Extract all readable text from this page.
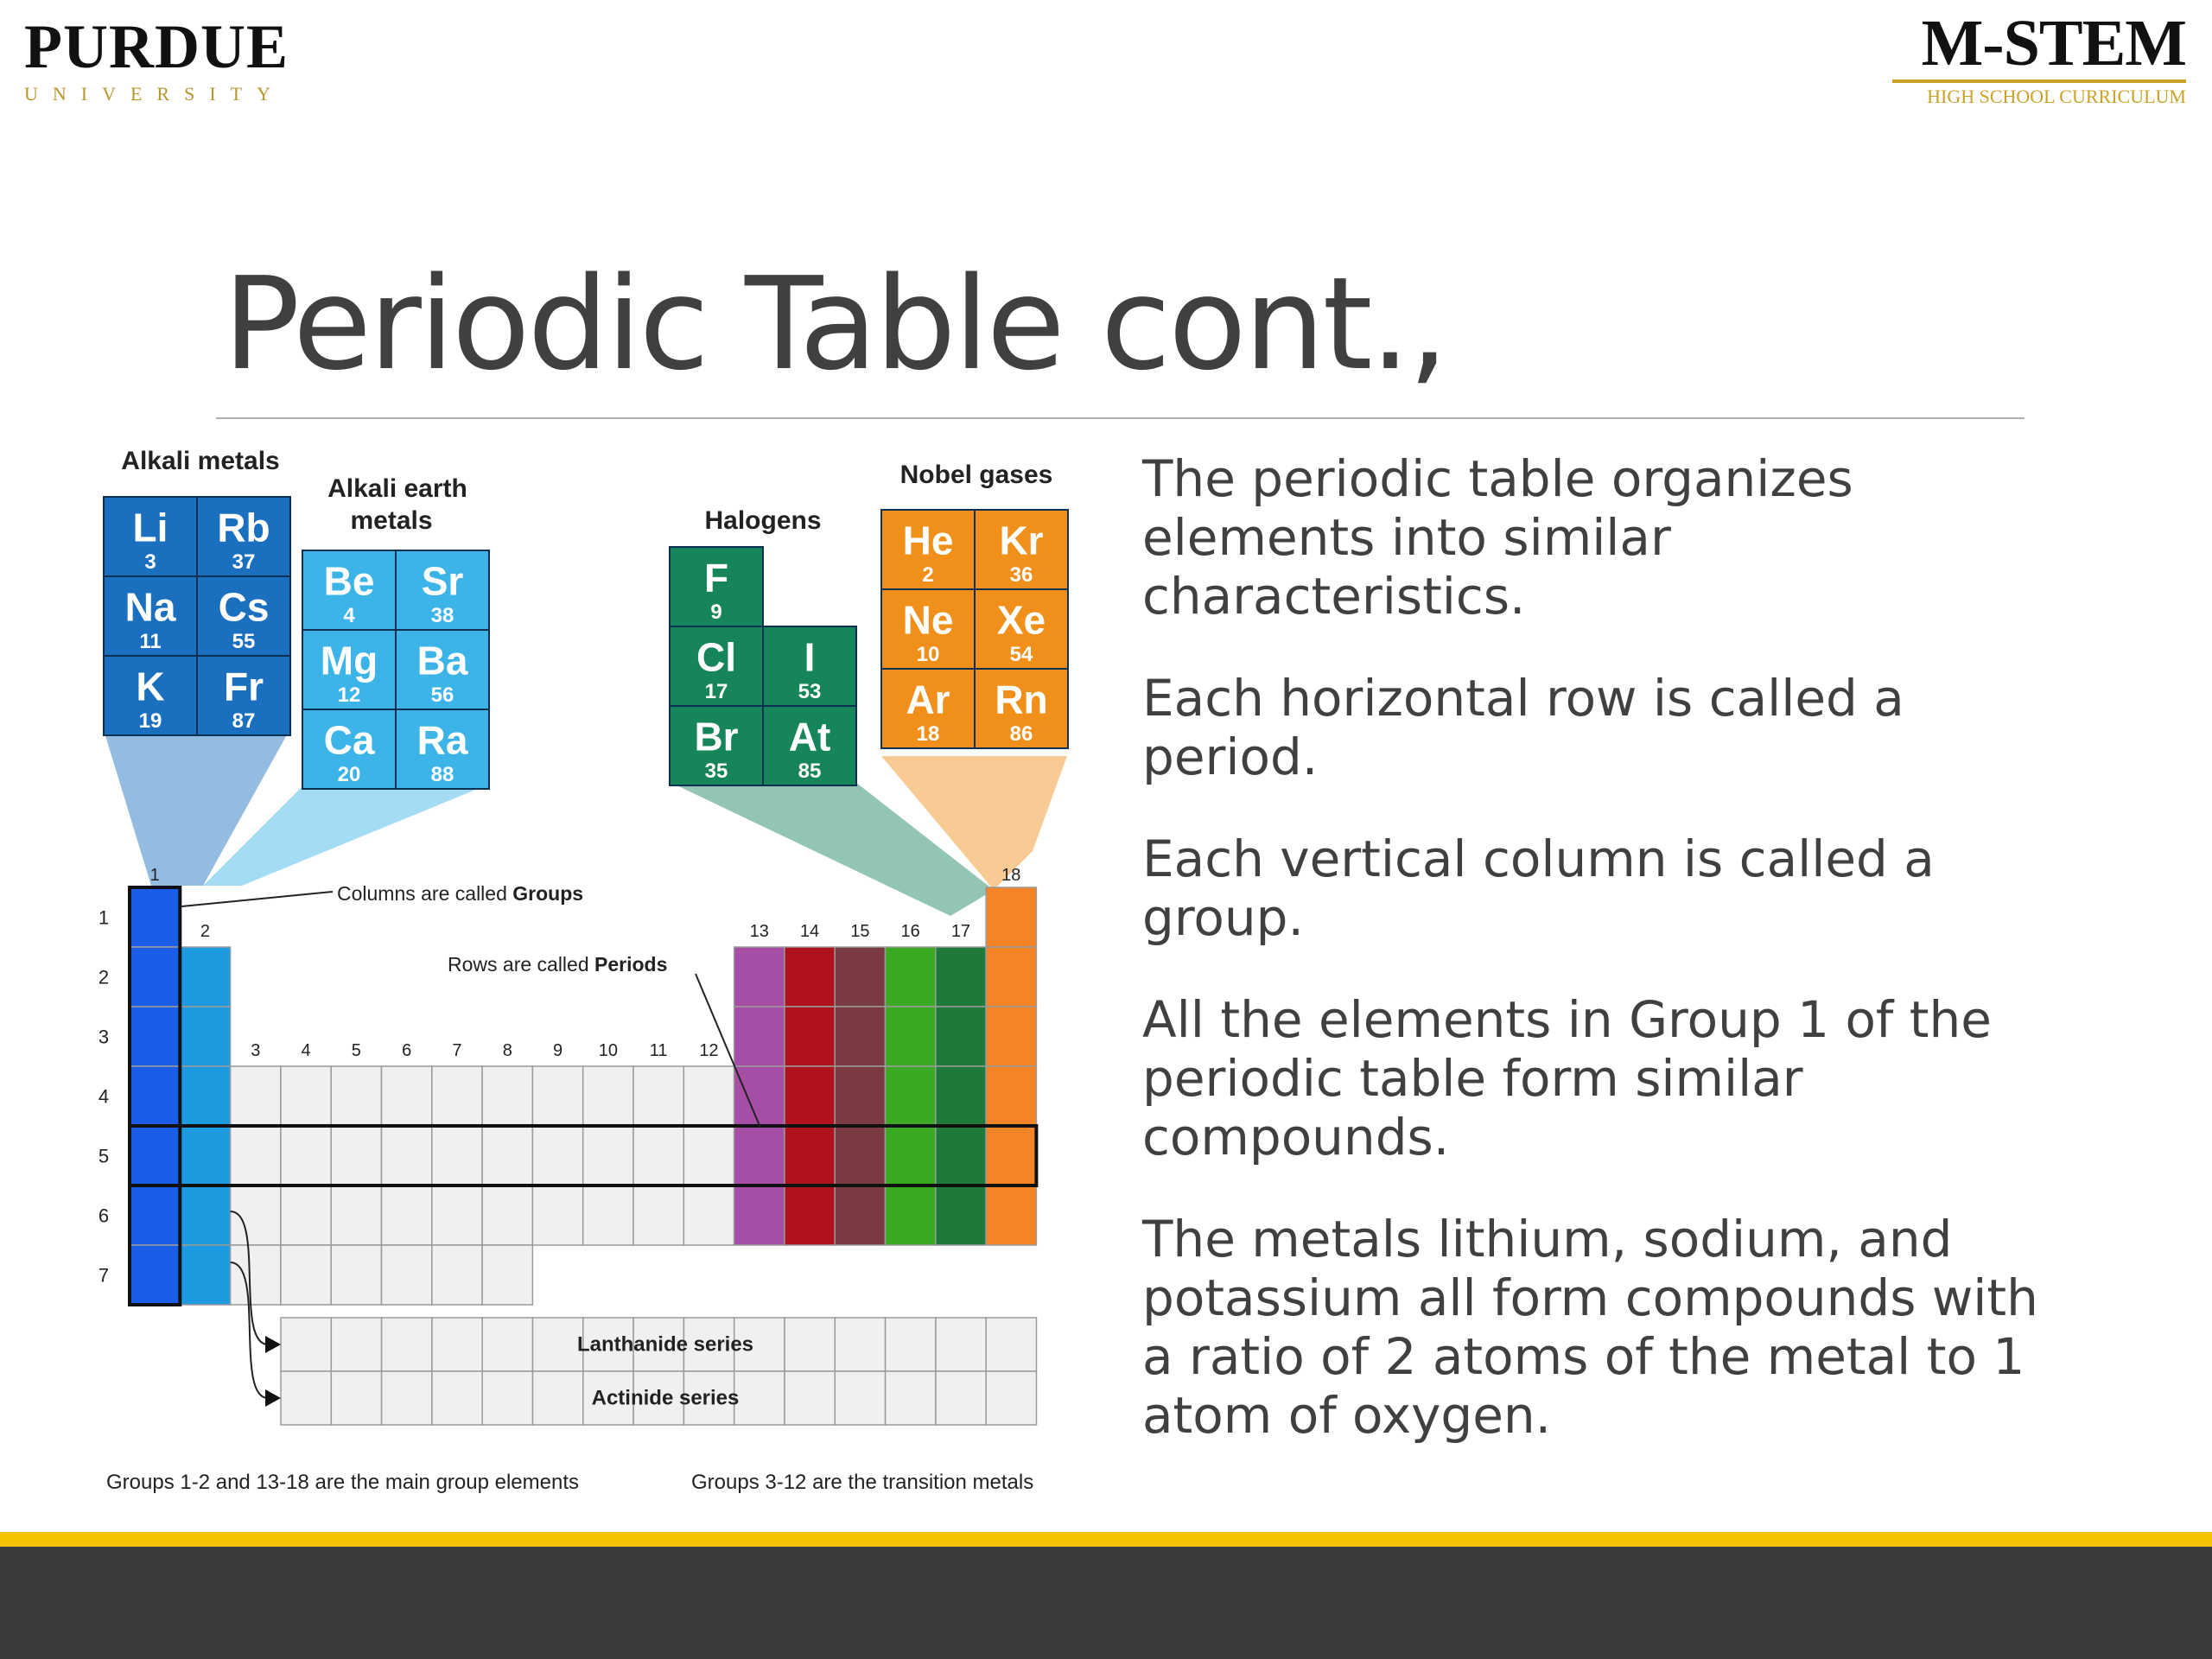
PURDUE
UNIVERSITY
M-STEM
HIGH SCHOOL CURRICULUM
Periodic Table cont.,
Alkali metals
Alkali earth
metals	Halogens
Nobel gases
Li
3
Rb
37
Na
11
Cs
55
K
19
Fr
87
Be
4
Sr
38
Mg
12
Ba
56
Ca
20
Ra
88
F
9
Cl
17
I
53
Br
35
At
85
He
2
Kr
36
Ne
10
Xe
54
Ar
18
Rn
86
1
2
3 4 5 6 7 8 9 10 11 12
13 14 15 16 17
18
1
2
3
4
5
6
7
Columns are called Groups
Rows are called Periods
Lanthanide series
Actinide series
Groups 1-2 and 13-18 are the main group elements	Groups 3-12 are the transition metals

The periodic table organizes elements into similar characteristics.

Each horizontal row is called a period.

Each vertical column is called a group.

All the elements in Group 1 of the periodic table form similar compounds.

The metals lithium, sodium, and potassium all form compounds with a ratio of 2 atoms of the metal to 1 atom of oxygen.
